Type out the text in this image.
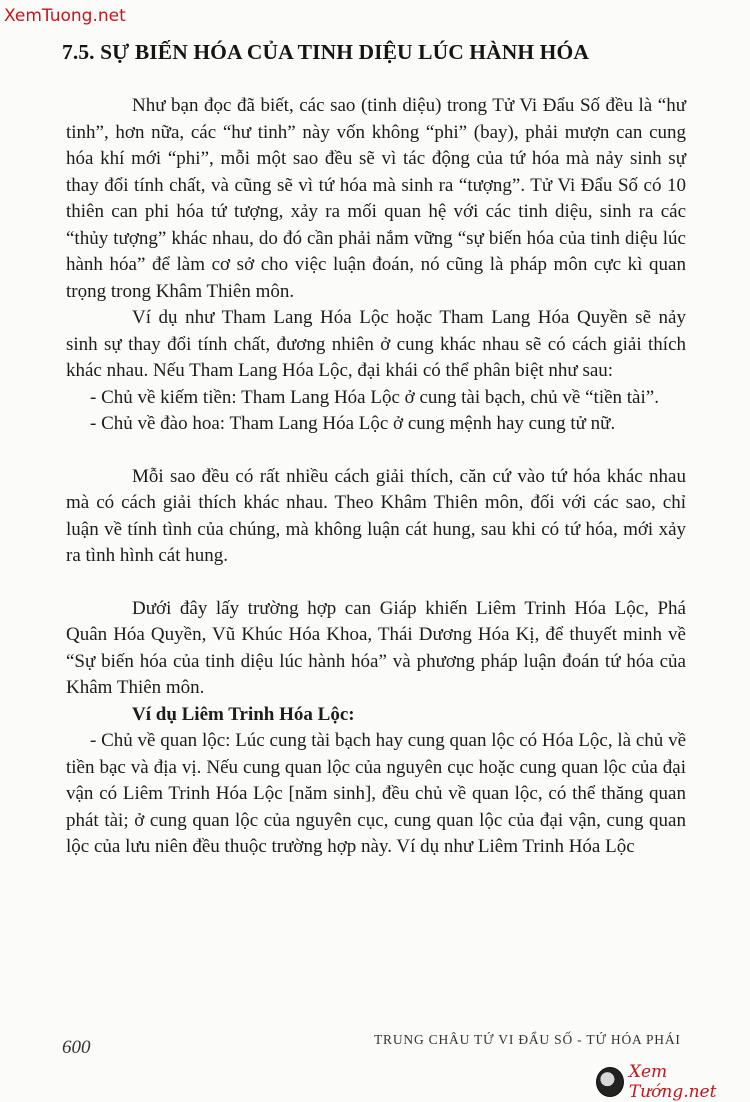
XemTuong.net
7.5. SỰ BIẾN HÓA CỦA TINH DIỆU LÚC HÀNH HÓA

Như bạn đọc đã biết, các sao (tinh diệu) trong Tử Vi Đẩu Số đều là “hư tinh”, hơn nữa, các “hư tinh” này vốn không “phi” (bay), phải mượn can cung hóa khí mới “phi”, mỗi một sao đều sẽ vì tác động của tứ hóa mà nảy sinh sự thay đổi tính chất, và cũng sẽ vì tứ hóa mà sinh ra “tượng”. Tử Vi Đẩu Số có 10 thiên can phi hóa tứ tượng, xảy ra mối quan hệ với các tinh diệu, sinh ra các “thủy tượng” khác nhau, do đó cần phải nắm vững “sự biến hóa của tinh diệu lúc hành hóa” để làm cơ sở cho việc luận đoán, nó cũng là pháp môn cực kì quan trọng trong Khâm Thiên môn.

Ví dụ như Tham Lang Hóa Lộc hoặc Tham Lang Hóa Quyền sẽ nảy sinh sự thay đổi tính chất, đương nhiên ở cung khác nhau sẽ có cách giải thích khác nhau. Nếu Tham Lang Hóa Lộc, đại khái có thể phân biệt như sau:

- Chủ về kiếm tiền: Tham Lang Hóa Lộc ở cung tài bạch, chủ về “tiền tài”.

- Chủ về đào hoa: Tham Lang Hóa Lộc ở cung mệnh hay cung tử nữ.

Mỗi sao đều có rất nhiều cách giải thích, căn cứ vào tứ hóa khác nhau mà có cách giải thích khác nhau. Theo Khâm Thiên môn, đối với các sao, chỉ luận về tính tình của chúng, mà không luận cát hung, sau khi có tứ hóa, mới xảy ra tình hình cát hung.

Dưới đây lấy trường hợp can Giáp khiến Liêm Trinh Hóa Lộc, Phá Quân Hóa Quyền, Vũ Khúc Hóa Khoa, Thái Dương Hóa Kị, để thuyết minh về “Sự biến hóa của tinh diệu lúc hành hóa” và phương pháp luận đoán tứ hóa của Khâm Thiên môn.

Ví dụ Liêm Trinh Hóa Lộc:

- Chủ về quan lộc: Lúc cung tài bạch hay cung quan lộc có Hóa Lộc, là chủ về tiền bạc và địa vị. Nếu cung quan lộc của nguyên cục hoặc cung quan lộc của đại vận có Liêm Trinh Hóa Lộc [năm sinh], đều chủ về quan lộc, có thể thăng quan phát tài; ở cung quan lộc của nguyên cục, cung quan lộc của đại vận, cung quan lộc của lưu niên đều thuộc trường hợp này. Ví dụ như Liêm Trinh Hóa Lộc

600	TRUNG CHÂU TỨ VI ĐẨU SỐ - TỨ HÓA PHÁI
Xem Tướng.net
